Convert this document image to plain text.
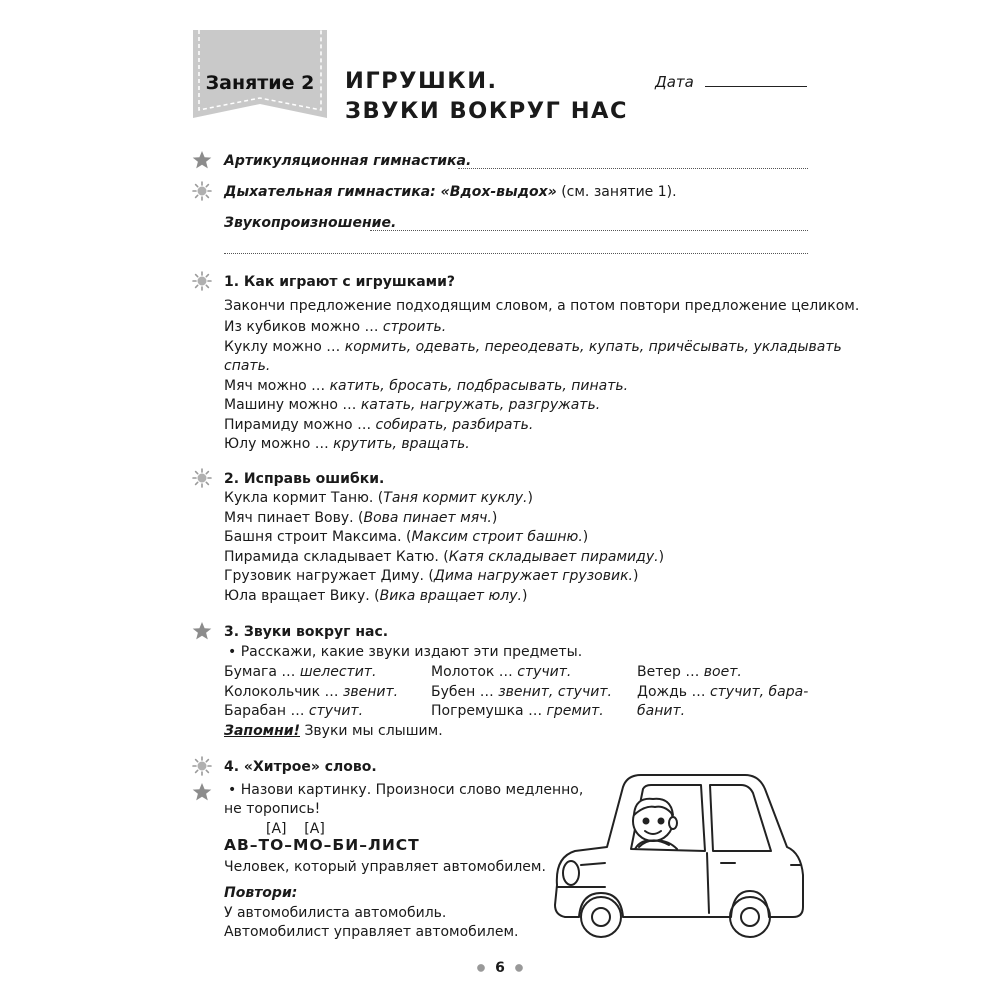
Занятие 2	ИГРУШКИ.
ЗВУКИ ВОКРУГ НАС
Дата
Артикуляционная гимнастика.
Дыхательная гимнастика: «Вдох-выдох» (см. занятие 1).
Звукопроизношение.
1. Как играют с игрушками?
Закончи предложение подходящим словом, а потом повтори предложение целиком.
Из кубиков можно … строить.
Куклу можно … кормить, одевать, переодевать, купать, причёсывать, укладывать
спать.
Мяч можно … катить, бросать, подбрасывать, пинать.
Машину можно … катать, нагружать, разгружать.
Пирамиду можно … собирать, разбирать.
Юлу можно … крутить, вращать.
2. Исправь ошибки.
Кукла кормит Таню. (Таня кормит куклу.)
Мяч пинает Вову. (Вова пинает мяч.)
Башня строит Максима. (Максим строит башню.)
Пирамида складывает Катю. (Катя складывает пирамиду.)
Грузовик нагружает Диму. (Дима нагружает грузовик.)
Юла вращает Вику. (Вика вращает юлу.)
3. Звуки вокруг нас.
• Расскажи, какие звуки издают эти предметы.
Бумага … шелестит.
Колокольчик … звенит.
Барабан … стучит.
Молоток … стучит.
Бубен … звенит, стучит.
Погремушка … гремит.
Ветер … воет.
Дождь … стучит, бара-
банит.
Запомни! Звуки мы слышим.
4. «Хитрое» слово.
• Назови картинку. Произноси слово медленно,
не торопись!
[А]    [А]
АВ–ТО–МО–БИ–ЛИСТ
Человек, который управляет автомобилем.
Повтори:
У автомобилиста автомобиль.
Автомобилист управляет автомобилем.
● 6 ●
